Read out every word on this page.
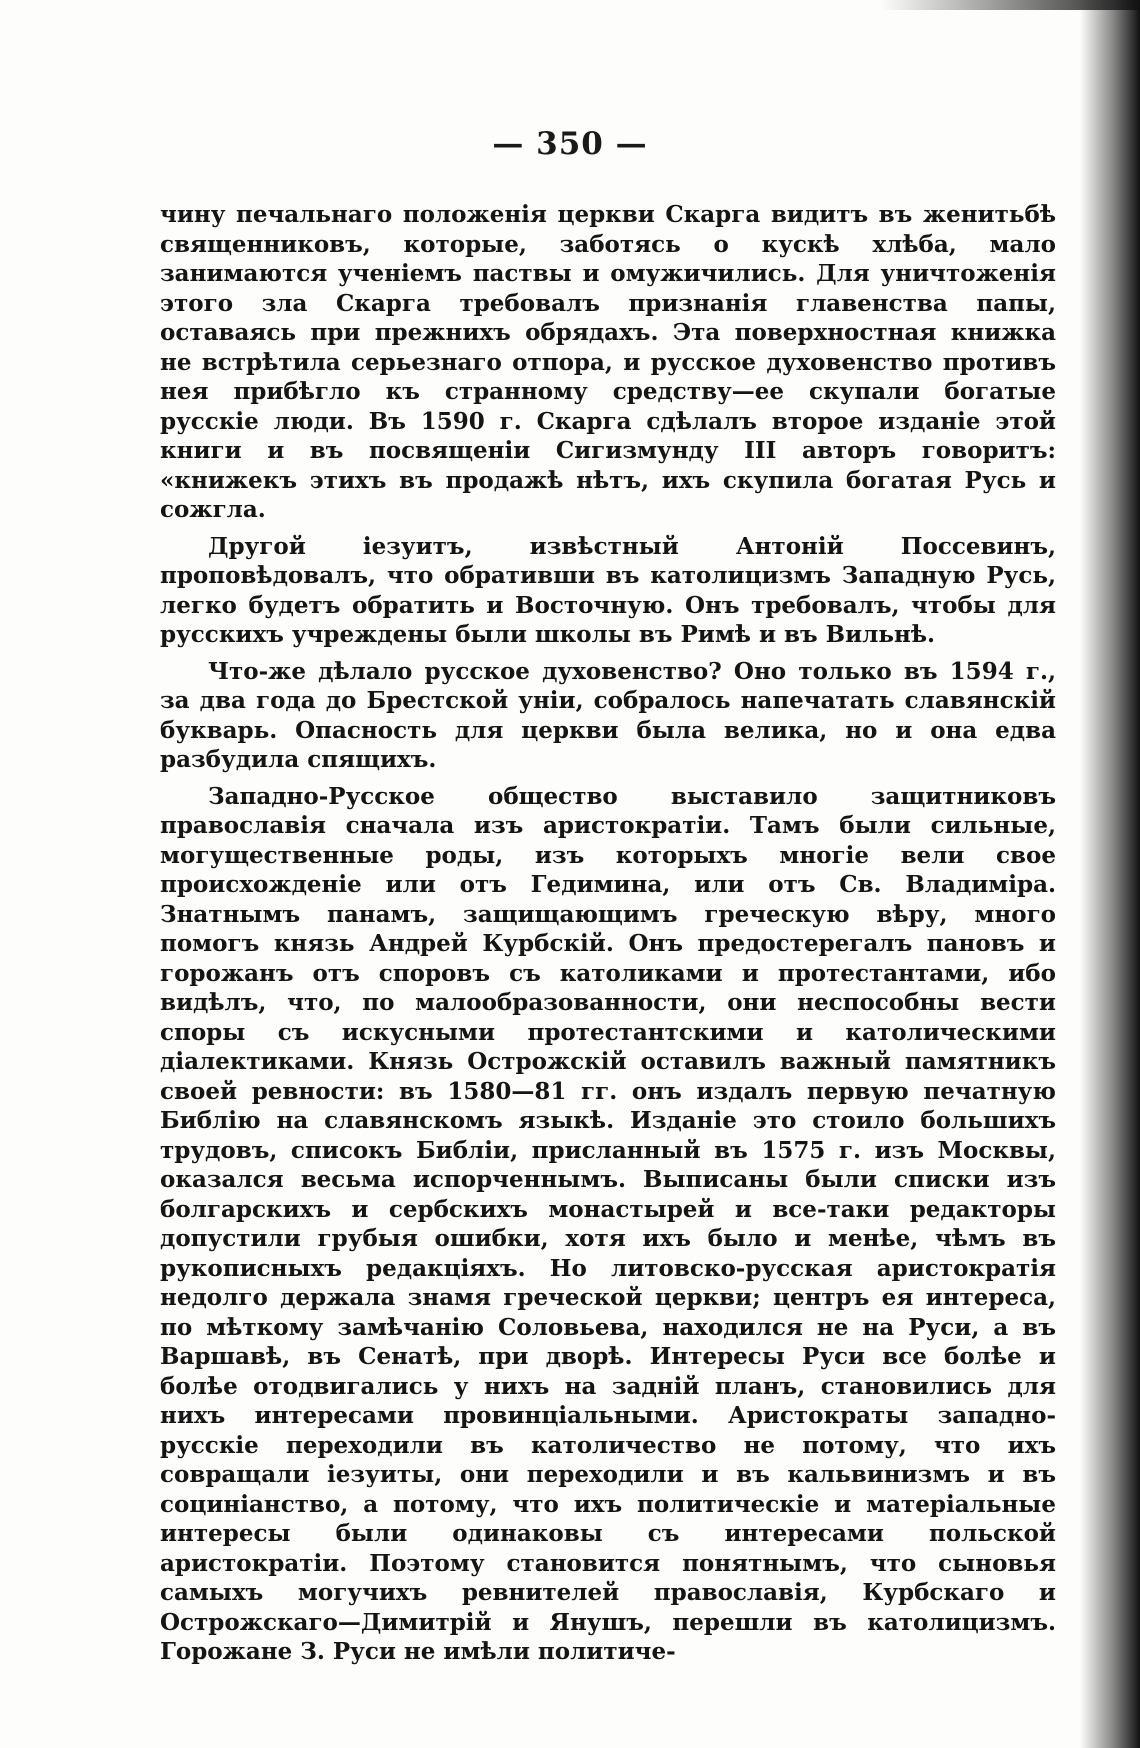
— 350 —

чину печальнаго положенія церкви Скарга видитъ въ женитьбѣ священниковъ, которые, заботясь о кускѣ хлѣба, мало занимаются ученіемъ паствы и омужичились. Для уничтоженія этого зла Скарга требовалъ признанія главенства папы, оставаясь при прежнихъ обрядахъ. Эта поверхностная книжка не встрѣтила серьезнаго отпора, и русское духовенство противъ нея прибѣгло къ странному средству—ее скупали богатые русскіе люди. Въ 1590 г. Скарга сдѣлалъ второе изданіе этой книги и въ посвященіи Сигизмунду III авторъ говоритъ: «книжекъ этихъ въ продажѣ нѣтъ, ихъ скупила богатая Русь и сожгла.

Другой іезуитъ, извѣстный Антоній Поссевинъ, проповѣдовалъ, что обративши въ католицизмъ Западную Русь, легко будетъ обратить и Восточную. Онъ требовалъ, чтобы для русскихъ учреждены были школы въ Римѣ и въ Вильнѣ.

Что-же дѣлало русское духовенство? Оно только въ 1594 г., за два года до Брестской уніи, собралось напечатать славянскій букварь. Опасность для церкви была велика, но и она едва разбудила спящихъ.

Западно-Русское общество выставило защитниковъ православія сначала изъ аристократіи. Тамъ были сильные, могущественные роды, изъ которыхъ многіе вели свое происхожденіе или отъ Гедимина, или отъ Св. Владиміра. Знатнымъ панамъ, защищающимъ греческую вѣру, много помогъ князь Андрей Курбскій. Онъ предостерегалъ пановъ и горожанъ отъ споровъ съ католиками и протестантами, ибо видѣлъ, что, по малообразованности, они неспособны вести споры съ искусными протестантскими и католическими діалектиками. Князь Острожскій оставилъ важный памятникъ своей ревности: въ 1580—81 гг. онъ издалъ первую печатную Библію на славянскомъ языкѣ. Изданіе это стоило большихъ трудовъ, списокъ Библіи, присланный въ 1575 г. изъ Москвы, оказался весьма испорченнымъ. Выписаны были списки изъ болгарскихъ и сербскихъ монастырей и все-таки редакторы допустили грубыя ошибки, хотя ихъ было и менѣе, чѣмъ въ рукописныхъ редакціяхъ. Но литовско-русская аристократія недолго держала знамя греческой церкви; центръ ея интереса, по мѣткому замѣчанію Соловьева, находился не на Руси, а въ Варшавѣ, въ Сенатѣ, при дворѣ. Интересы Руси все болѣе и болѣе отодвигались у нихъ на задній планъ, становились для нихъ интересами провинціальными. Аристократы западно-русскіе переходили въ католичество не потому, что ихъ совращали іезуиты, они переходили и въ кальвинизмъ и въ социніанство, а потому, что ихъ политическіе и матеріальные интересы были одинаковы съ интересами польской аристократіи. Поэтому становится понятнымъ, что сыновья самыхъ могучихъ ревнителей православія, Курбскаго и Острожскаго—Димитрій и Янушъ, перешли въ католицизмъ. Горожане З. Руси не имѣли политиче-
